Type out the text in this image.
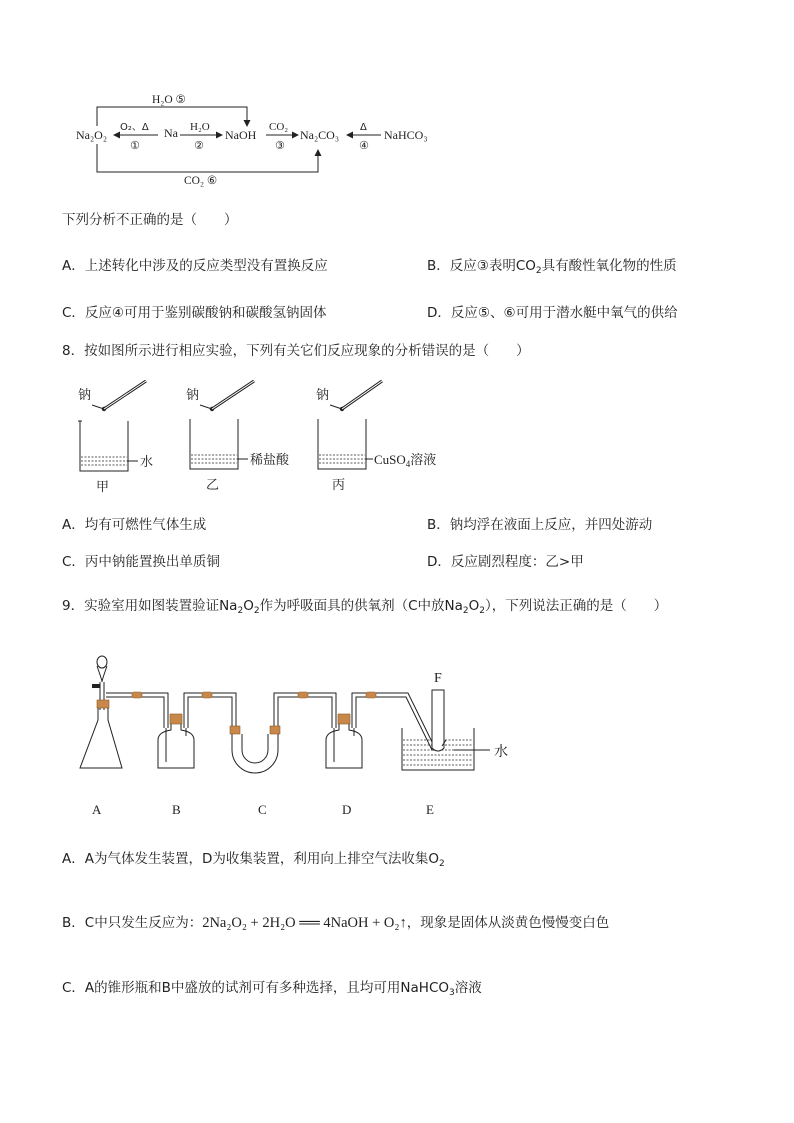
H₂O ⑤
CO₂ ⑥
Na₂O₂	Na	NaOH	Na₂CO₃	NaHCO₃
O₂、Δ
①
H₂O
②
CO₂
③
Δ
④
下列分析不正确的是（　　）
A．上述转化中涉及的反应类型没有置换反应	B．反应③表明$CO_2$具有酸性氧化物的性质
C．反应④可用于鉴别碳酸钠和碳酸氢钠固体	D．反应⑤、⑥可用于潜水艇中氧气的供给
8．按如图所示进行相应实验，下列有关它们反应现象的分析错误的是（　　）
钠
水
甲
钠
稀盐酸
乙
钠
CuSO$_4$溶液
丙
A．均有可燃性气体生成	B．钠均浮在液面上反应，并四处游动
C．丙中钠能置换出单质铜	D．反应剧烈程度：乙>甲
9．实验室用如图装置验证$Na_2O_2$作为呼吸面具的供氧剂（C中放$Na_2O_2$），下列说法正确的是（　　）
A	B	C	D
F
水
E
A．A为气体发生装置，D为收集装置，利用向上排空气法收集$O_2$
B．C中只发生反应为：2Na₂O₂ + 2H₂O ══ 4NaOH + O₂↑，现象是固体从淡黄色慢慢变白色
C．A的锥形瓶和B中盛放的试剂可有多种选择，且均可用NaHCO$_3$溶液
